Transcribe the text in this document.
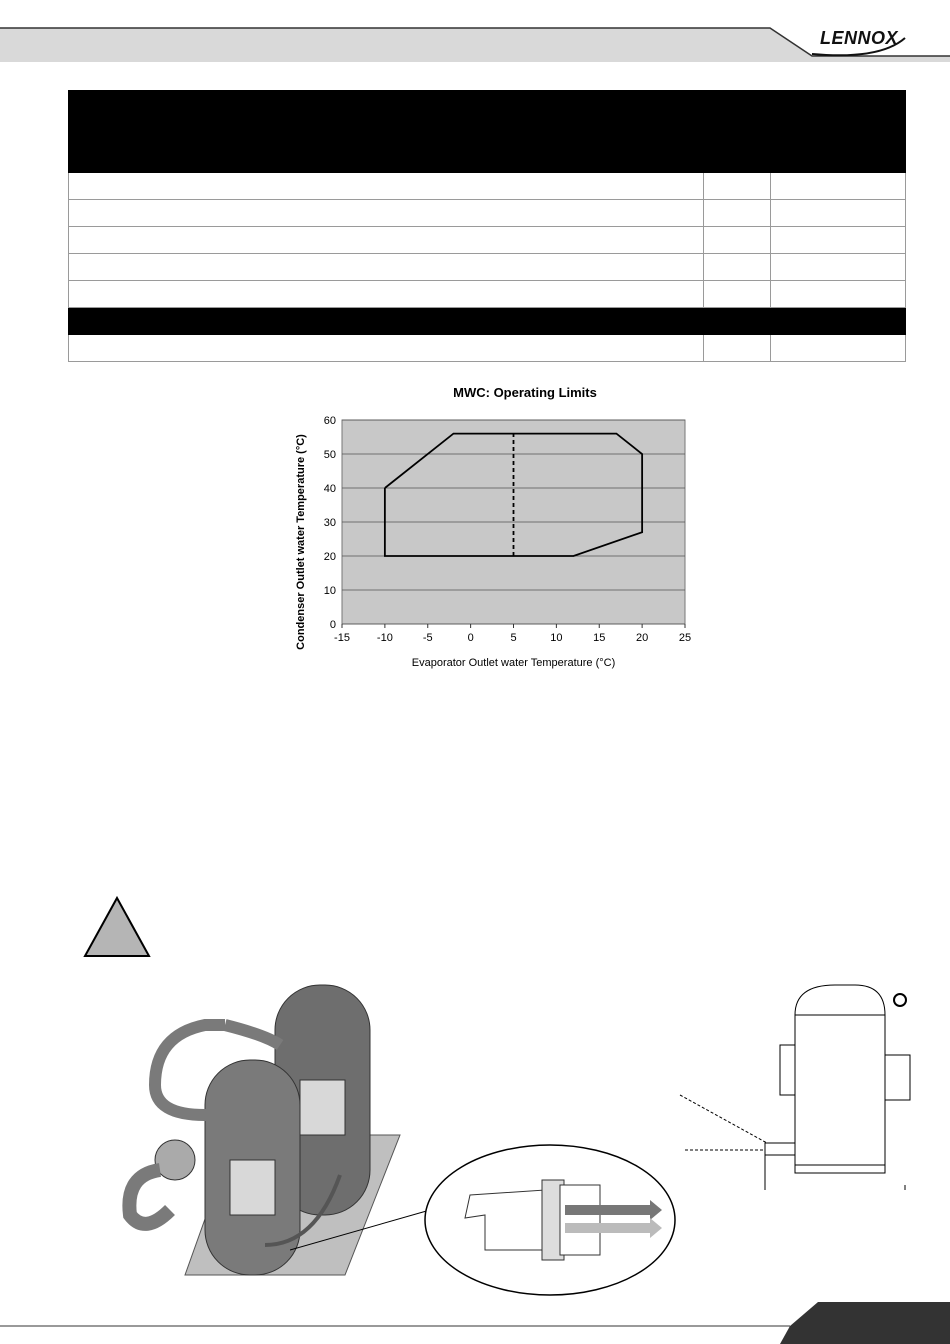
LENNOX

MWC: Operating Limits
0
10
20
30
40
50
60
-15 -10	-5	0	5	10	15	20	25
Evaporator Outlet water Temperature (°C)
Condenser Outlet water Temperature (°C)
